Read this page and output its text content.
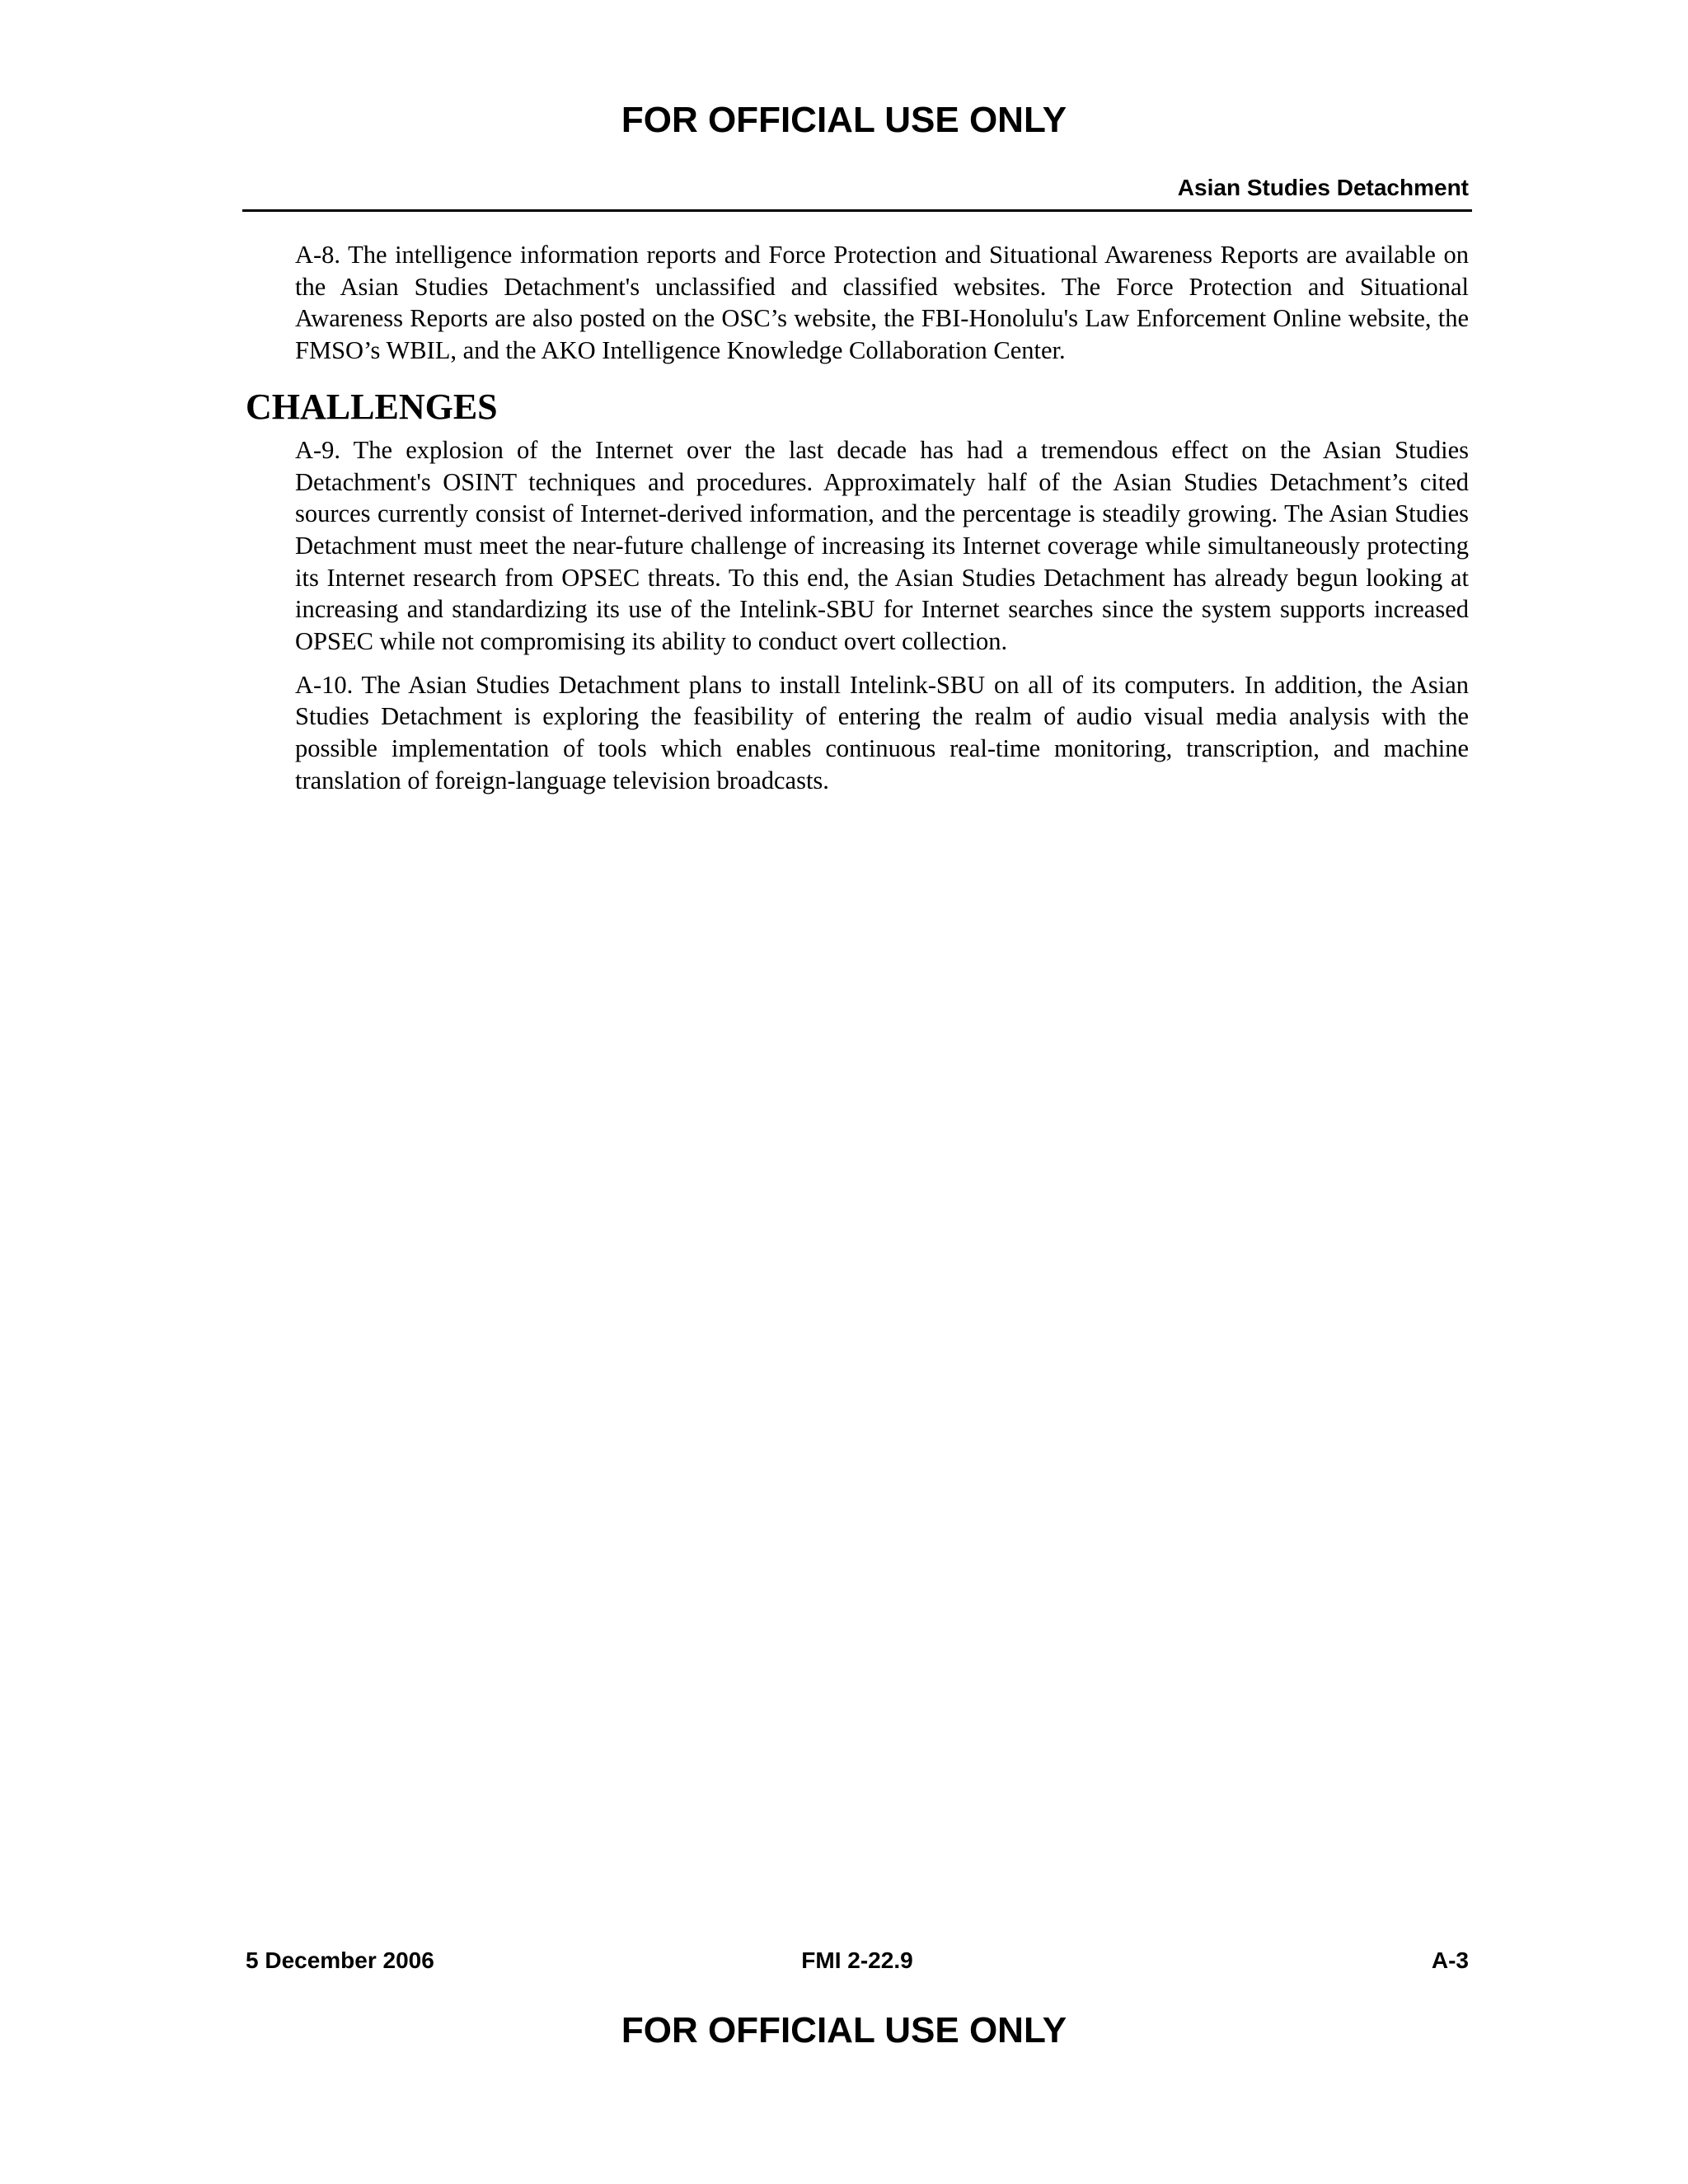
FOR OFFICIAL USE ONLY
Asian Studies Detachment

A-8. The intelligence information reports and Force Protection and Situational Awareness Reports are available on the Asian Studies Detachment's unclassified and classified websites. The Force Protection and Situational Awareness Reports are also posted on the OSC’s website, the FBI-Honolulu's Law Enforcement Online website, the FMSO’s WBIL, and the AKO Intelligence Knowledge Collaboration Center.

CHALLENGES

A-9. The explosion of the Internet over the last decade has had a tremendous effect on the Asian Studies Detachment's OSINT techniques and procedures. Approximately half of the Asian Studies Detachment’s cited sources currently consist of Internet-derived information, and the percentage is steadily growing. The Asian Studies Detachment must meet the near-future challenge of increasing its Internet coverage while simultaneously protecting its Internet research from OPSEC threats. To this end, the Asian Studies Detachment has already begun looking at increasing and standardizing its use of the Intelink-SBU for Internet searches since the system supports increased OPSEC while not compromising its ability to conduct overt collection.

A-10. The Asian Studies Detachment plans to install Intelink-SBU on all of its computers. In addition, the Asian Studies Detachment is exploring the feasibility of entering the realm of audio visual media analysis with the possible implementation of tools which enables continuous real-time monitoring, transcription, and machine translation of foreign-language television broadcasts.

5 December 2006	FMI 2-22.9	A-3
FOR OFFICIAL USE ONLY
